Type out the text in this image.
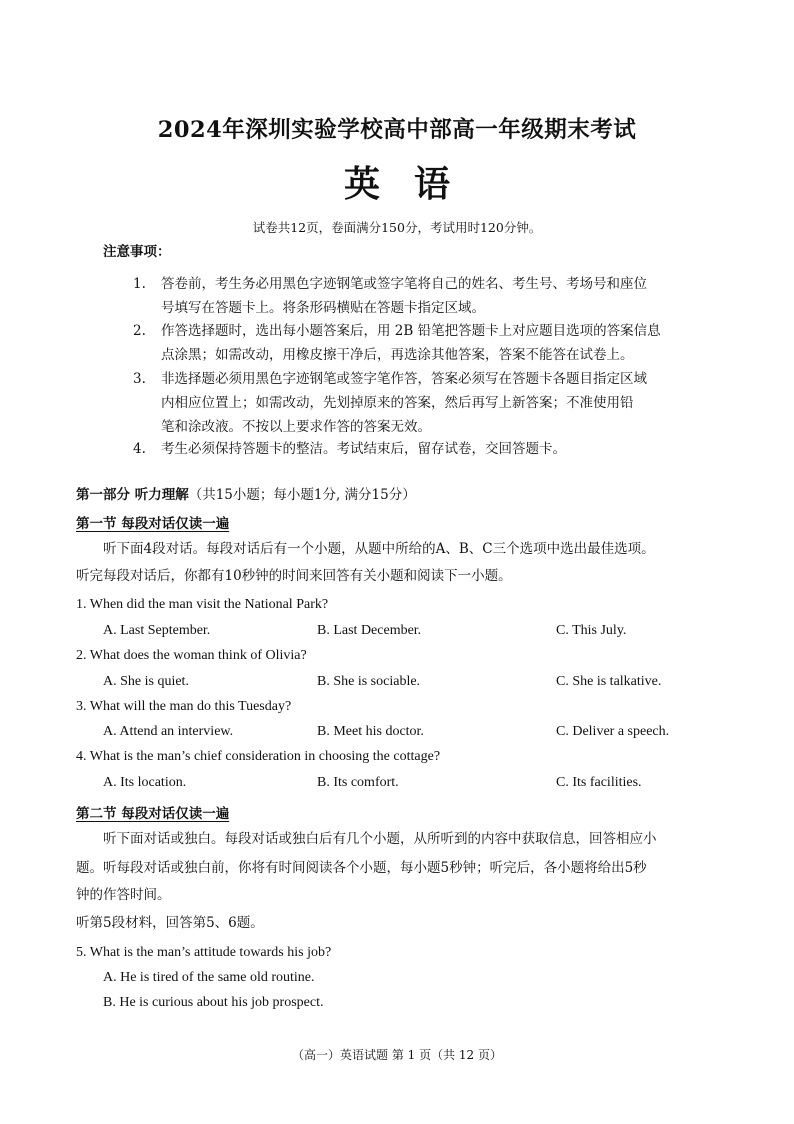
2024年深圳实验学校高中部高一年级期末考试
英语
试卷共12页，卷面满分150分，考试用时120分钟。
注意事项：
1. 答卷前，考生务必用黑色字迹钢笔或签字笔将自己的姓名、考生号、考场号和座位
号填写在答题卡上。将条形码横贴在答题卡指定区域。
2. 作答选择题时，选出每小题答案后，用 2B 铅笔把答题卡上对应题目选项的答案信息
点涂黑；如需改动，用橡皮擦干净后，再选涂其他答案，答案不能答在试卷上。
3. 非选择题必须用黑色字迹钢笔或签字笔作答，答案必须写在答题卡各题目指定区域
内相应位置上；如需改动，先划掉原来的答案，然后再写上新答案；不准使用铅
笔和涂改液。不按以上要求作答的答案无效。
4. 考生必须保持答题卡的整洁。考试结束后，留存试卷，交回答题卡。
第一部分 听力理解（共15小题；每小题1分, 满分15分）
第一节 每段对话仅读一遍
听下面4段对话。每段对话后有一个小题，从题中所给的A、B、C三个选项中选出最佳选项。
听完每段对话后，你都有10秒钟的时间来回答有关小题和阅读下一小题。
1. When did the man visit the National Park?
A. Last September.	B. Last December.	C. This July.
2. What does the woman think of Olivia?
A. She is quiet.	B. She is sociable.	C. She is talkative.
3. What will the man do this Tuesday?
A. Attend an interview.	B. Meet his doctor.	C. Deliver a speech.
4. What is the man’s chief consideration in choosing the cottage?
A. Its location.	B. Its comfort.	C. Its facilities.
第二节 每段对话仅读一遍
听下面对话或独白。每段对话或独白后有几个小题，从所听到的内容中获取信息，回答相应小
题。听每段对话或独白前，你将有时间阅读各个小题，每小题5秒钟；听完后，各小题将给出5秒
钟的作答时间。
听第5段材料，回答第5、6题。
5. What is the man’s attitude towards his job?
A. He is tired of the same old routine.
B. He is curious about his job prospect.
（高一）英语试题 第 1 页（共 12 页）
